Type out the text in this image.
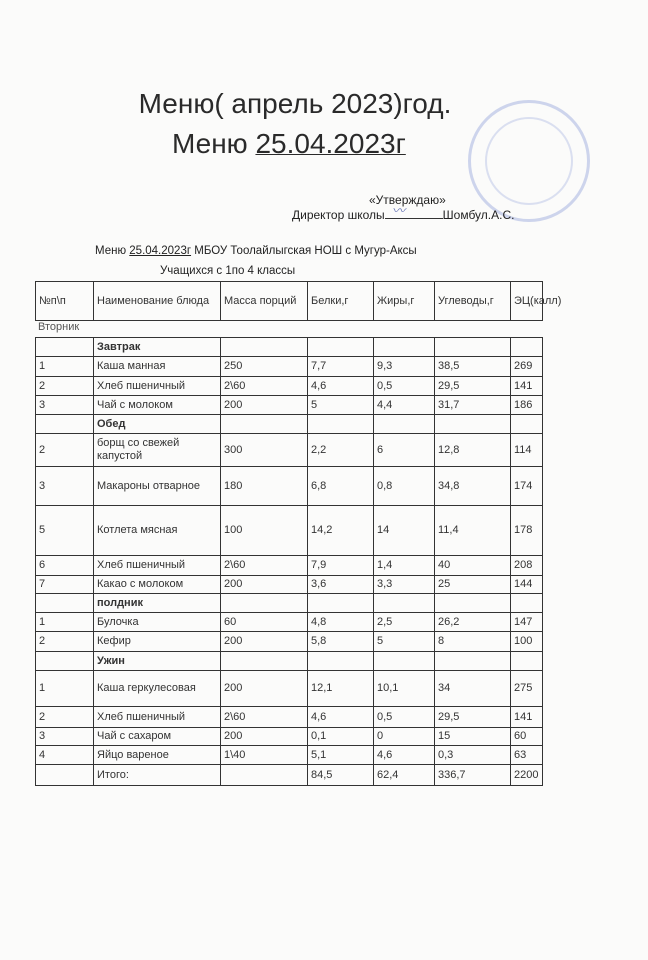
Меню( апрель 2023)год.
Меню 25.04.2023г
«Утверждаю»
Директор школы	Шомбул.А.С.
〰
Меню 25.04.2023г МБОУ Тоолайлыгская НОШ с Мугур-Аксы
Учащихся с 1по 4 классы
№п\п	Наименование блюда	Масса порций	Белки,г	Жиры,г	Углеводы,г	ЭЦ(калл)
Вторник
	Завтрак					
1	Каша манная	250	7,7	9,3	38,5	269
2	Хлеб пшеничный	2\60	4,6	0,5	29,5	141
3	Чай с молоком	200	5	4,4	31,7	186
	Обед					
2	борщ со свежей капустой	300	2,2	6	12,8	114
3	Макароны отварное	180	6,8	0,8	34,8	174
5	Котлета мясная	100	14,2	14	11,4	178
6	Хлеб пшеничный	2\60	7,9	1,4	40	208
7	Какао с молоком	200	3,6	3,3	25	144
	полдник					
1	Булочка	60	4,8	2,5	26,2	147
2	Кефир	200	5,8	5	8	100
	Ужин					
1	Каша геркулесовая	200	12,1	10,1	34	275
2	Хлеб пшеничный	2\60	4,6	0,5	29,5	141
3	Чай с сахаром	200	0,1	0	15	60
4	Яйцо вареное	1\40	5,1	4,6	0,3	63
	Итого:		84,5	62,4	336,7	2200
